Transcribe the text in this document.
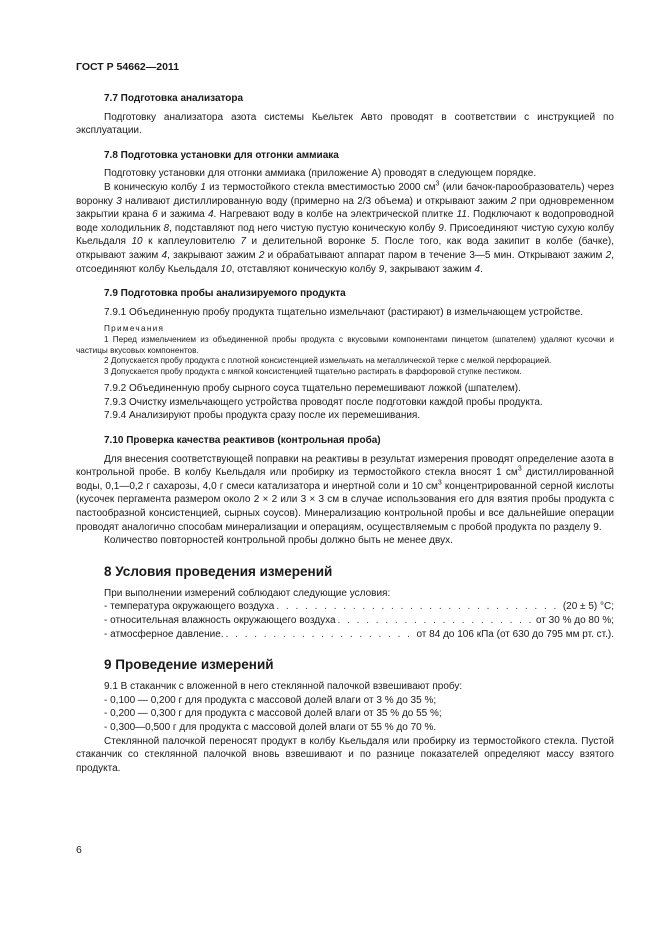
ГОСТ Р 54662—2011

7.7 Подготовка анализатора

Подготовку анализатора азота системы Кьельтек Авто проводят в соответствии с инструкцией по эксплуатации.

7.8 Подготовка установки для отгонки аммиака

Подготовку установки для отгонки аммиака (приложение А) проводят в следующем порядке.

В коническую колбу 1 из термостойкого стекла вместимостью 2000 $см^3$ (или бачок-парообразователь) через воронку 3 наливают дистиллированную воду (примерно на 2/3 объема) и открывают зажим 2 при одновременном закрытии крана 6 и зажима 4. Нагревают воду в колбе на электрической плитке 11. Подключают к водопроводной воде холодильник 8, подставляют под него чистую пустую коническую колбу 9. Присоединяют чистую сухую колбу Кьельдаля 10 к каплеуловителю 7 и делительной воронке 5. После того, как вода закипит в колбе (бачке), открывают зажим 4, закрывают зажим 2 и обрабатывают аппарат паром в течение 3—5 мин. Открывают зажим 2, отсоединяют колбу Кьельдаля 10, отставляют коническую колбу 9, закрывают зажим 4.

7.9 Подготовка пробы анализируемого продукта

7.9.1 Объединенную пробу продукта тщательно измельчают (растирают) в измельчающем устройстве.

Примечания

1 Перед измельчением из объединенной пробы продукта с вкусовыми компонентами пинцетом (шпателем) удаляют кусочки и частицы вкусовых компонентов.

2 Допускается пробу продукта с плотной консистенцией измельчать на металлической терке с мелкой перфорацией.

3 Допускается пробу продукта с мягкой консистенцией тщательно растирать в фарфоровой ступке пестиком.

7.9.2 Объединенную пробу сырного соуса тщательно перемешивают ложкой (шпателем).

7.9.3 Очистку измельчающего устройства проводят после подготовки каждой пробы продукта.

7.9.4 Анализируют пробы продукта сразу после их перемешивания.

7.10 Проверка качества реактивов (контрольная проба)

Для внесения соответствующей поправки на реактивы в результат измерения проводят определение азота в контрольной пробе. В колбу Кьельдаля или пробирку из термостойкого стекла вносят 1 $см^3$ дистиллированной воды, 0,1—0,2 г сахарозы, 4,0 г смеси катализатора и инертной соли и 10 $см^3$ концентрированной серной кислоты (кусочек пергамента размером около 2 × 2 или 3 × 3 см в случае использования его для взятия пробы продукта с пастообразной консистенцией, сырных соусов). Минерализацию контрольной пробы и все дальнейшие операции проводят аналогично способам минерализации и операциям, осуществляемым с пробой продукта по разделу 9.

Количество повторностей контрольной пробы должно быть не менее двух.

8 Условия проведения измерений

При выполнении измерений соблюдают следующие условия:

- температура окружающего воздуха . . .	(20 ± 5) °С;
- относительная влажность окружающего воздуха . . .	от 30 % до 80 %;
- атмосферное давление. . . .	от 84 до 106 кПа (от 630 до 795 мм рт. ст.).

9 Проведение измерений

9.1 В стаканчик с вложенной в него стеклянной палочкой взвешивают пробу:

- 0,100 — 0,200 г для продукта с массовой долей влаги от 3 % до 35 %;

- 0,200 — 0,300 г для продукта с массовой долей влаги от 35 % до 55 %;

- 0,300—0,500 г для продукта с массовой долей влаги от 55 % до 70 %.

Стеклянной палочкой переносят продукт в колбу Кьельдаля или пробирку из термостойкого стекла. Пустой стаканчик со стеклянной палочкой вновь взвешивают и по разнице показателей определяют массу взятого продукта.

6
